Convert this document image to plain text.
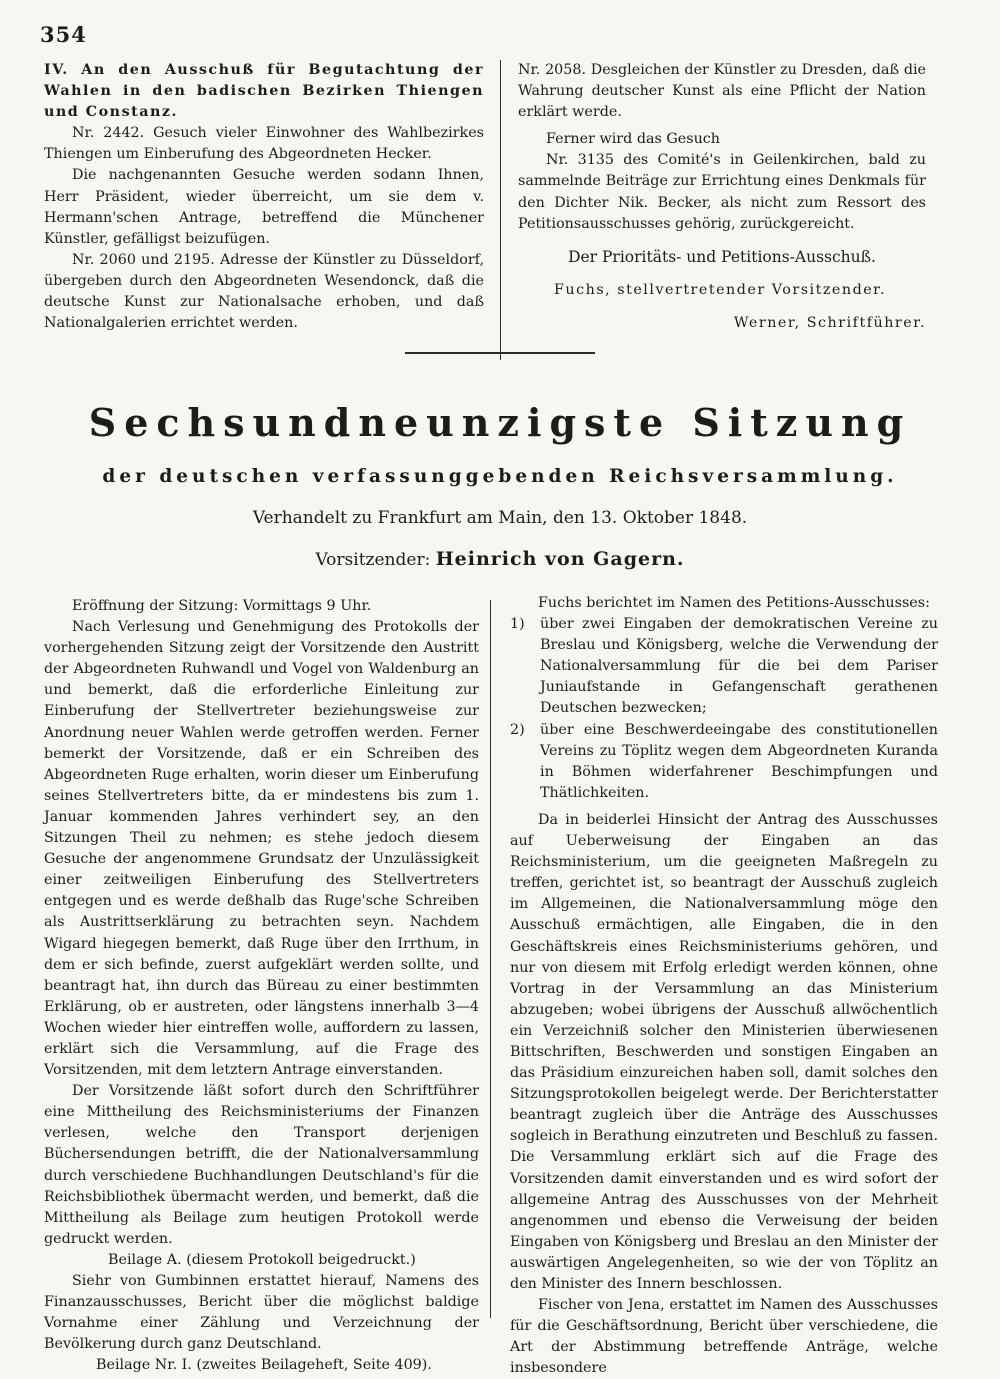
354

IV. An den Ausschuß für Begutachtung der Wahlen in den badischen Bezirken Thiengen und Constanz.

Nr. 2442. Gesuch vieler Einwohner des Wahlbezirkes Thiengen um Einberufung des Abgeordneten Hecker.

Die nachgenannten Gesuche werden sodann Ihnen, Herr Präsident, wieder überreicht, um sie dem v. Hermann'schen Antrage, betreffend die Münchener Künstler, gefälligst beizufügen.

Nr. 2060 und 2195. Adresse der Künstler zu Düsseldorf, übergeben durch den Abgeordneten Wesendonck, daß die deutsche Kunst zur Nationalsache erhoben, und daß Nationalgalerien errichtet werden.

Nr. 2058. Desgleichen der Künstler zu Dresden, daß die Wahrung deutscher Kunst als eine Pflicht der Nation erklärt werde.

Ferner wird das Gesuch

Nr. 3135 des Comité's in Geilenkirchen, bald zu sammelnde Beiträge zur Errichtung eines Denkmals für den Dichter Nik. Becker, als nicht zum Ressort des Petitionsausschusses gehörig, zurückgereicht.

Der Prioritäts- und Petitions-Ausschuß.

Fuchs, stellvertretender Vorsitzender.

Werner, Schriftführer.

Sechsundneunzigste Sitzung
der deutschen verfassunggebenden Reichsversammlung.
Verhandelt zu Frankfurt am Main, den 13. Oktober 1848.
Vorsitzender: Heinrich von Gagern.

Eröffnung der Sitzung: Vormittags 9 Uhr.

Nach Verlesung und Genehmigung des Protokolls der vorhergehenden Sitzung zeigt der Vorsitzende den Austritt der Abgeordneten Ruhwandl und Vogel von Waldenburg an und bemerkt, daß die erforderliche Einleitung zur Einberufung der Stellvertreter beziehungsweise zur Anordnung neuer Wahlen werde getroffen werden. Ferner bemerkt der Vorsitzende, daß er ein Schreiben des Abgeordneten Ruge erhalten, worin dieser um Einberufung seines Stellvertreters bitte, da er mindestens bis zum 1. Januar kommenden Jahres verhindert sey, an den Sitzungen Theil zu nehmen; es stehe jedoch diesem Gesuche der angenommene Grundsatz der Unzulässigkeit einer zeitweiligen Einberufung des Stellvertreters entgegen und es werde deßhalb das Ruge'sche Schreiben als Austrittserklärung zu betrachten seyn. Nachdem Wigard hiegegen bemerkt, daß Ruge über den Irrthum, in dem er sich befinde, zuerst aufgeklärt werden sollte, und beantragt hat, ihn durch das Büreau zu einer bestimmten Erklärung, ob er austreten, oder längstens innerhalb 3—4 Wochen wieder hier eintreffen wolle, auffordern zu lassen, erklärt sich die Versammlung, auf die Frage des Vorsitzenden, mit dem letztern Antrage einverstanden.

Der Vorsitzende läßt sofort durch den Schriftführer eine Mittheilung des Reichsministeriums der Finanzen verlesen, welche den Transport derjenigen Büchersendungen betrifft, die der Nationalversammlung durch verschiedene Buchhandlungen Deutschland's für die Reichsbibliothek übermacht werden, und bemerkt, daß die Mittheilung als Beilage zum heutigen Protokoll werde gedruckt werden.

Beilage A. (diesem Protokoll beigedruckt.)

Siehr von Gumbinnen erstattet hierauf, Namens des Finanzausschusses, Bericht über die möglichst baldige Vornahme einer Zählung und Verzeichnung der Bevölkerung durch ganz Deutschland.

Beilage Nr. I. (zweites Beilageheft, Seite 409).

Fuchs berichtet im Namen des Petitions-Ausschusses:

1)	über zwei Eingaben der demokratischen Vereine zu Breslau und Königsberg, welche die Verwendung der Nationalversammlung für die bei dem Pariser Juniaufstande in Gefangenschaft gerathenen Deutschen bezwecken;
2)	über eine Beschwerdeeingabe des constitutionellen Vereins zu Töplitz wegen dem Abgeordneten Kuranda in Böhmen widerfahrener Beschimpfungen und Thätlichkeiten.

Da in beiderlei Hinsicht der Antrag des Ausschusses auf Ueberweisung der Eingaben an das Reichsministerium, um die geeigneten Maßregeln zu treffen, gerichtet ist, so beantragt der Ausschuß zugleich im Allgemeinen, die Nationalversammlung möge den Ausschuß ermächtigen, alle Eingaben, die in den Geschäftskreis eines Reichsministeriums gehören, und nur von diesem mit Erfolg erledigt werden können, ohne Vortrag in der Versammlung an das Ministerium abzugeben; wobei übrigens der Ausschuß allwöchentlich ein Verzeichniß solcher den Ministerien überwiesenen Bittschriften, Beschwerden und sonstigen Eingaben an das Präsidium einzureichen haben soll, damit solches den Sitzungsprotokollen beigelegt werde. Der Berichterstatter beantragt zugleich über die Anträge des Ausschusses sogleich in Berathung einzutreten und Beschluß zu fassen. Die Versammlung erklärt sich auf die Frage des Vorsitzenden damit einverstanden und es wird sofort der allgemeine Antrag des Ausschusses von der Mehrheit angenommen und ebenso die Verweisung der beiden Eingaben von Königsberg und Breslau an den Minister der auswärtigen Angelegenheiten, so wie der von Töplitz an den Minister des Innern beschlossen.

Fischer von Jena, erstattet im Namen des Ausschusses für die Geschäftsordnung, Bericht über verschiedene, die Art der Abstimmung betreffende Anträge, welche insbesondere
